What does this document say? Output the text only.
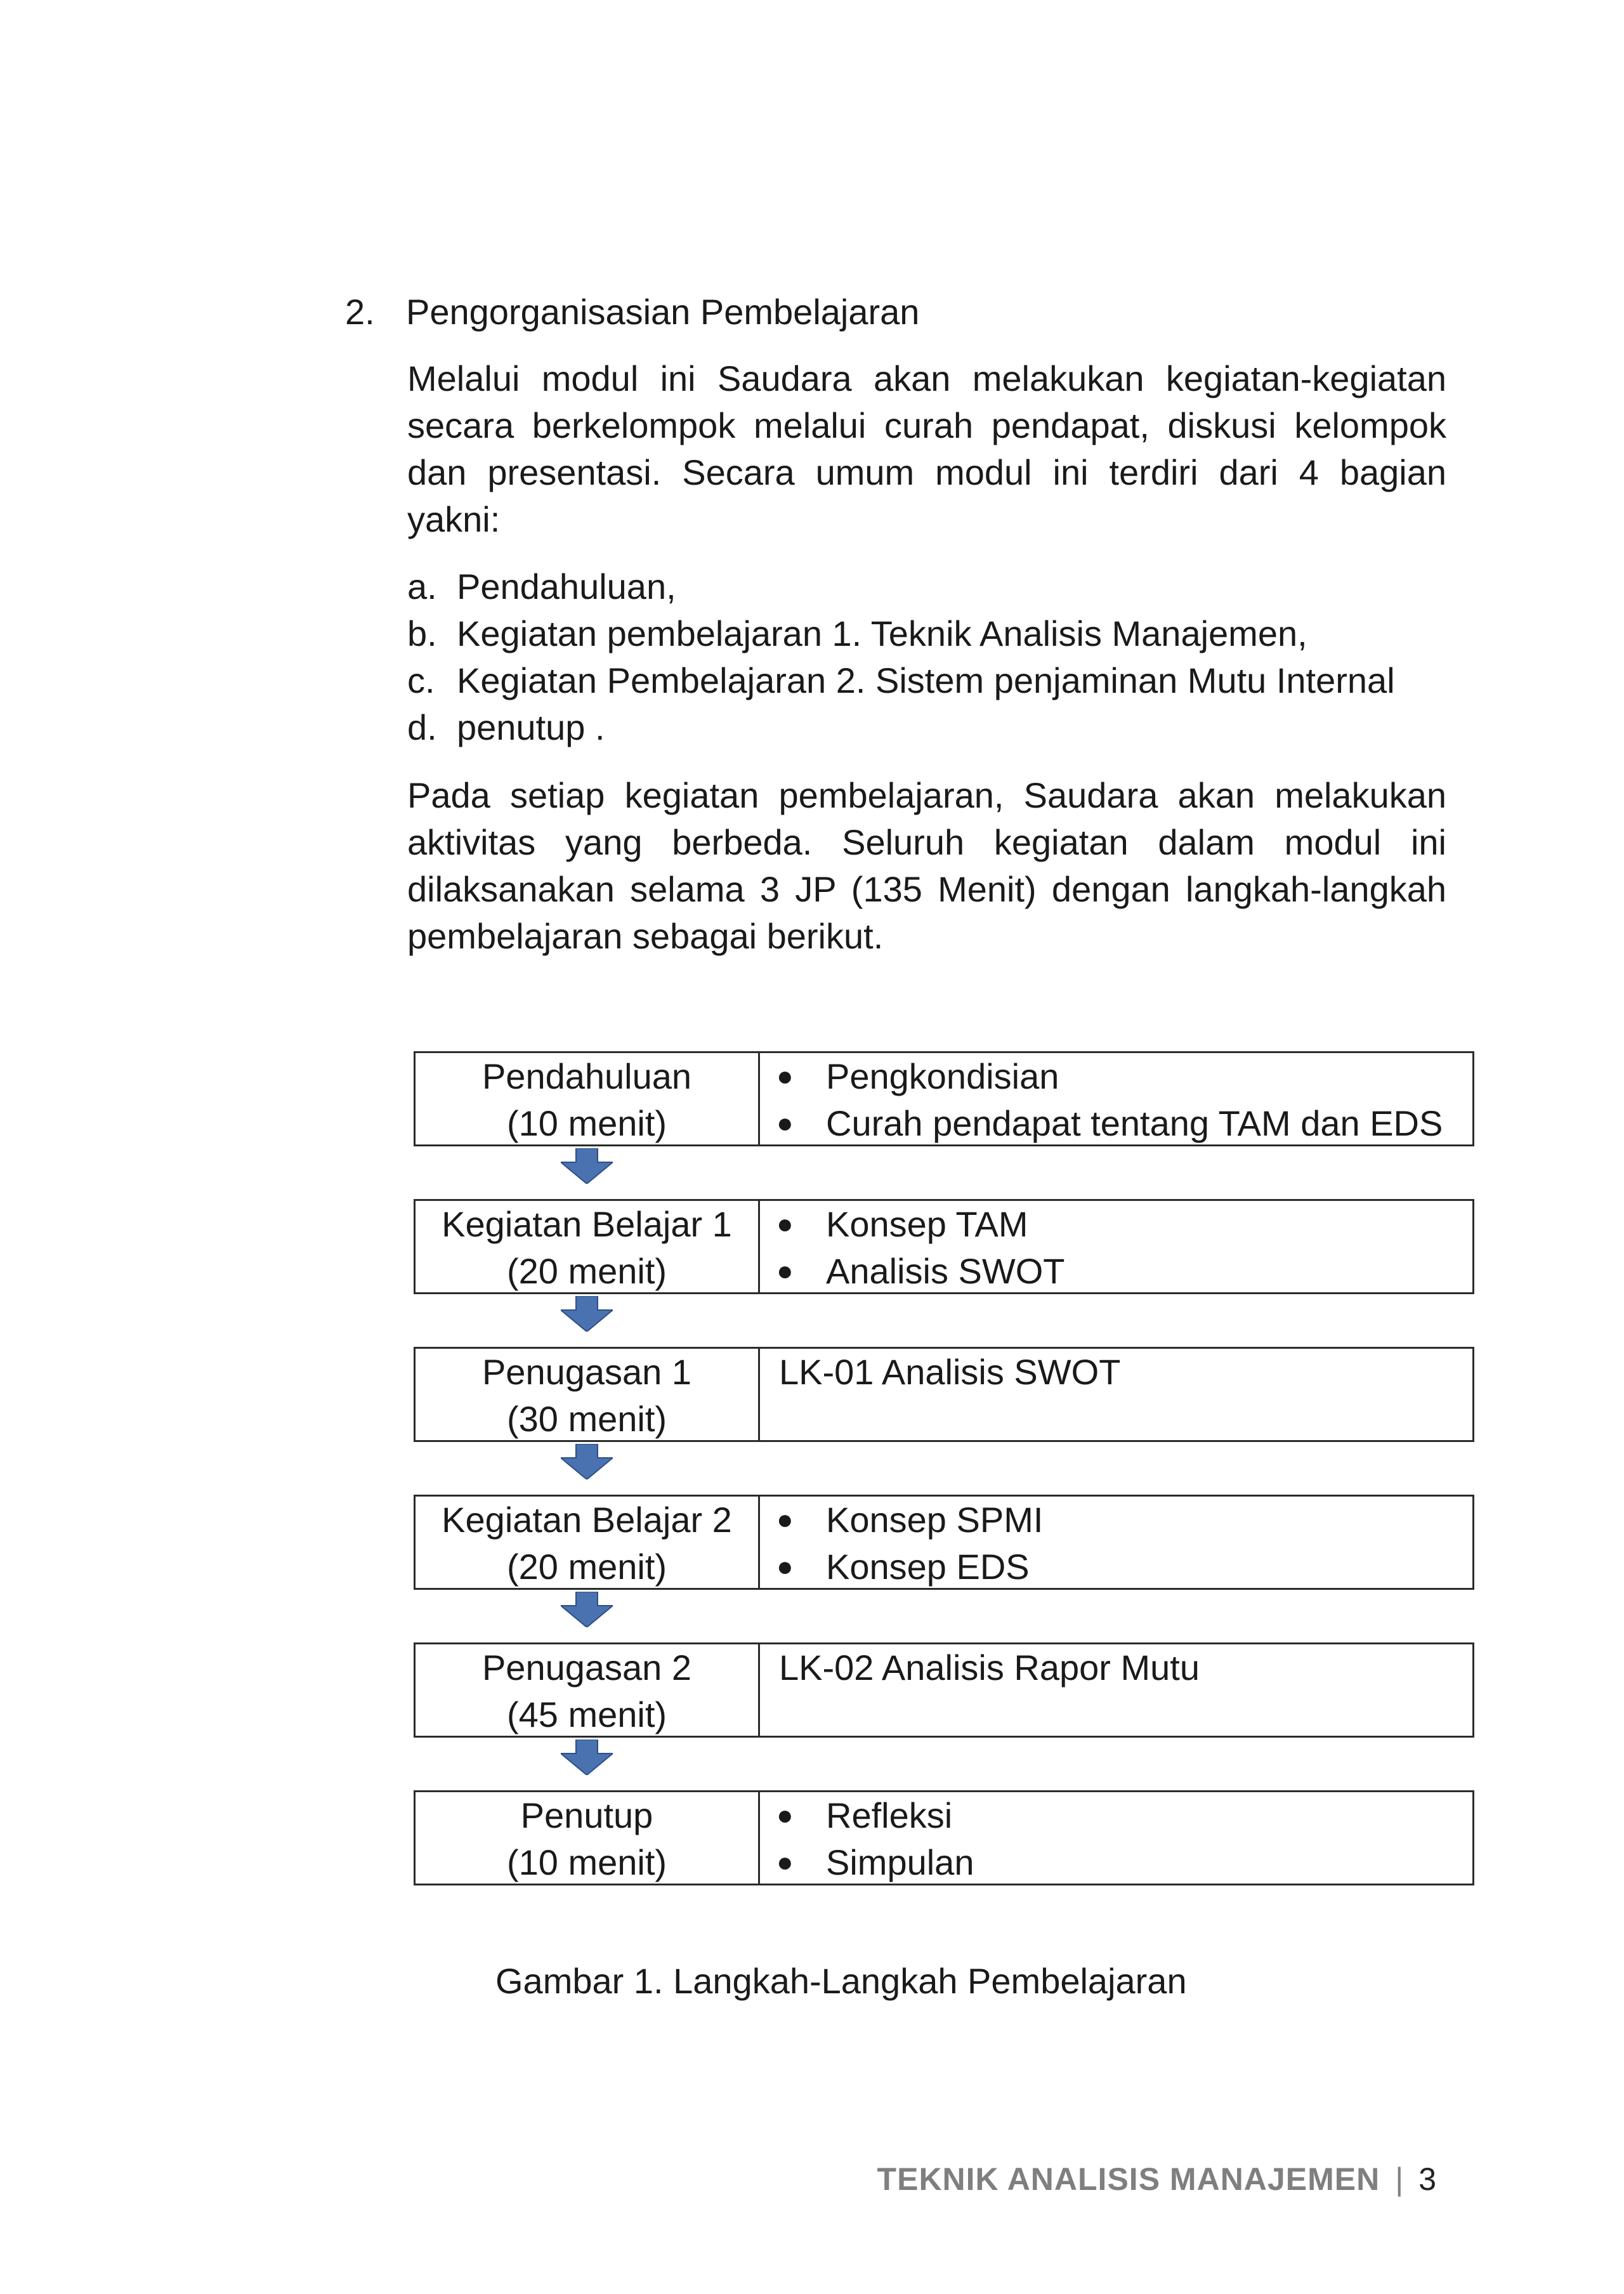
2. Pengorganisasian Pembelajaran

Melalui modul ini Saudara akan melakukan kegiatan-kegiatan secara berkelompok melalui curah pendapat, diskusi kelompok dan presentasi. Secara umum modul ini terdiri dari 4 bagian yakni:

a. Pendahuluan,
b. Kegiatan pembelajaran 1. Teknik Analisis Manajemen,
c. Kegiatan Pembelajaran 2. Sistem penjaminan Mutu Internal
d. penutup .

Pada setiap kegiatan pembelajaran, Saudara akan melakukan aktivitas yang berbeda. Seluruh kegiatan dalam modul ini dilaksanakan selama 3 JP (135 Menit) dengan langkah-langkah pembelajaran sebagai berikut.

Pendahuluan
(10 menit)
● Pengkondisian
● Curah pendapat tentang TAM dan EDS
Kegiatan Belajar 1
(20 menit)
● Konsep TAM
● Analisis SWOT
Penugasan 1
(30 menit)
LK-01 Analisis SWOT
Kegiatan Belajar 2
(20 menit)
● Konsep SPMI
● Konsep EDS
Penugasan 2
(45 menit)
LK-02 Analisis Rapor Mutu
Penutup
(10 menit)
● Refleksi
● Simpulan
Gambar 1. Langkah-Langkah Pembelajaran
TEKNIK ANALISIS MANAJEMEN | 3
